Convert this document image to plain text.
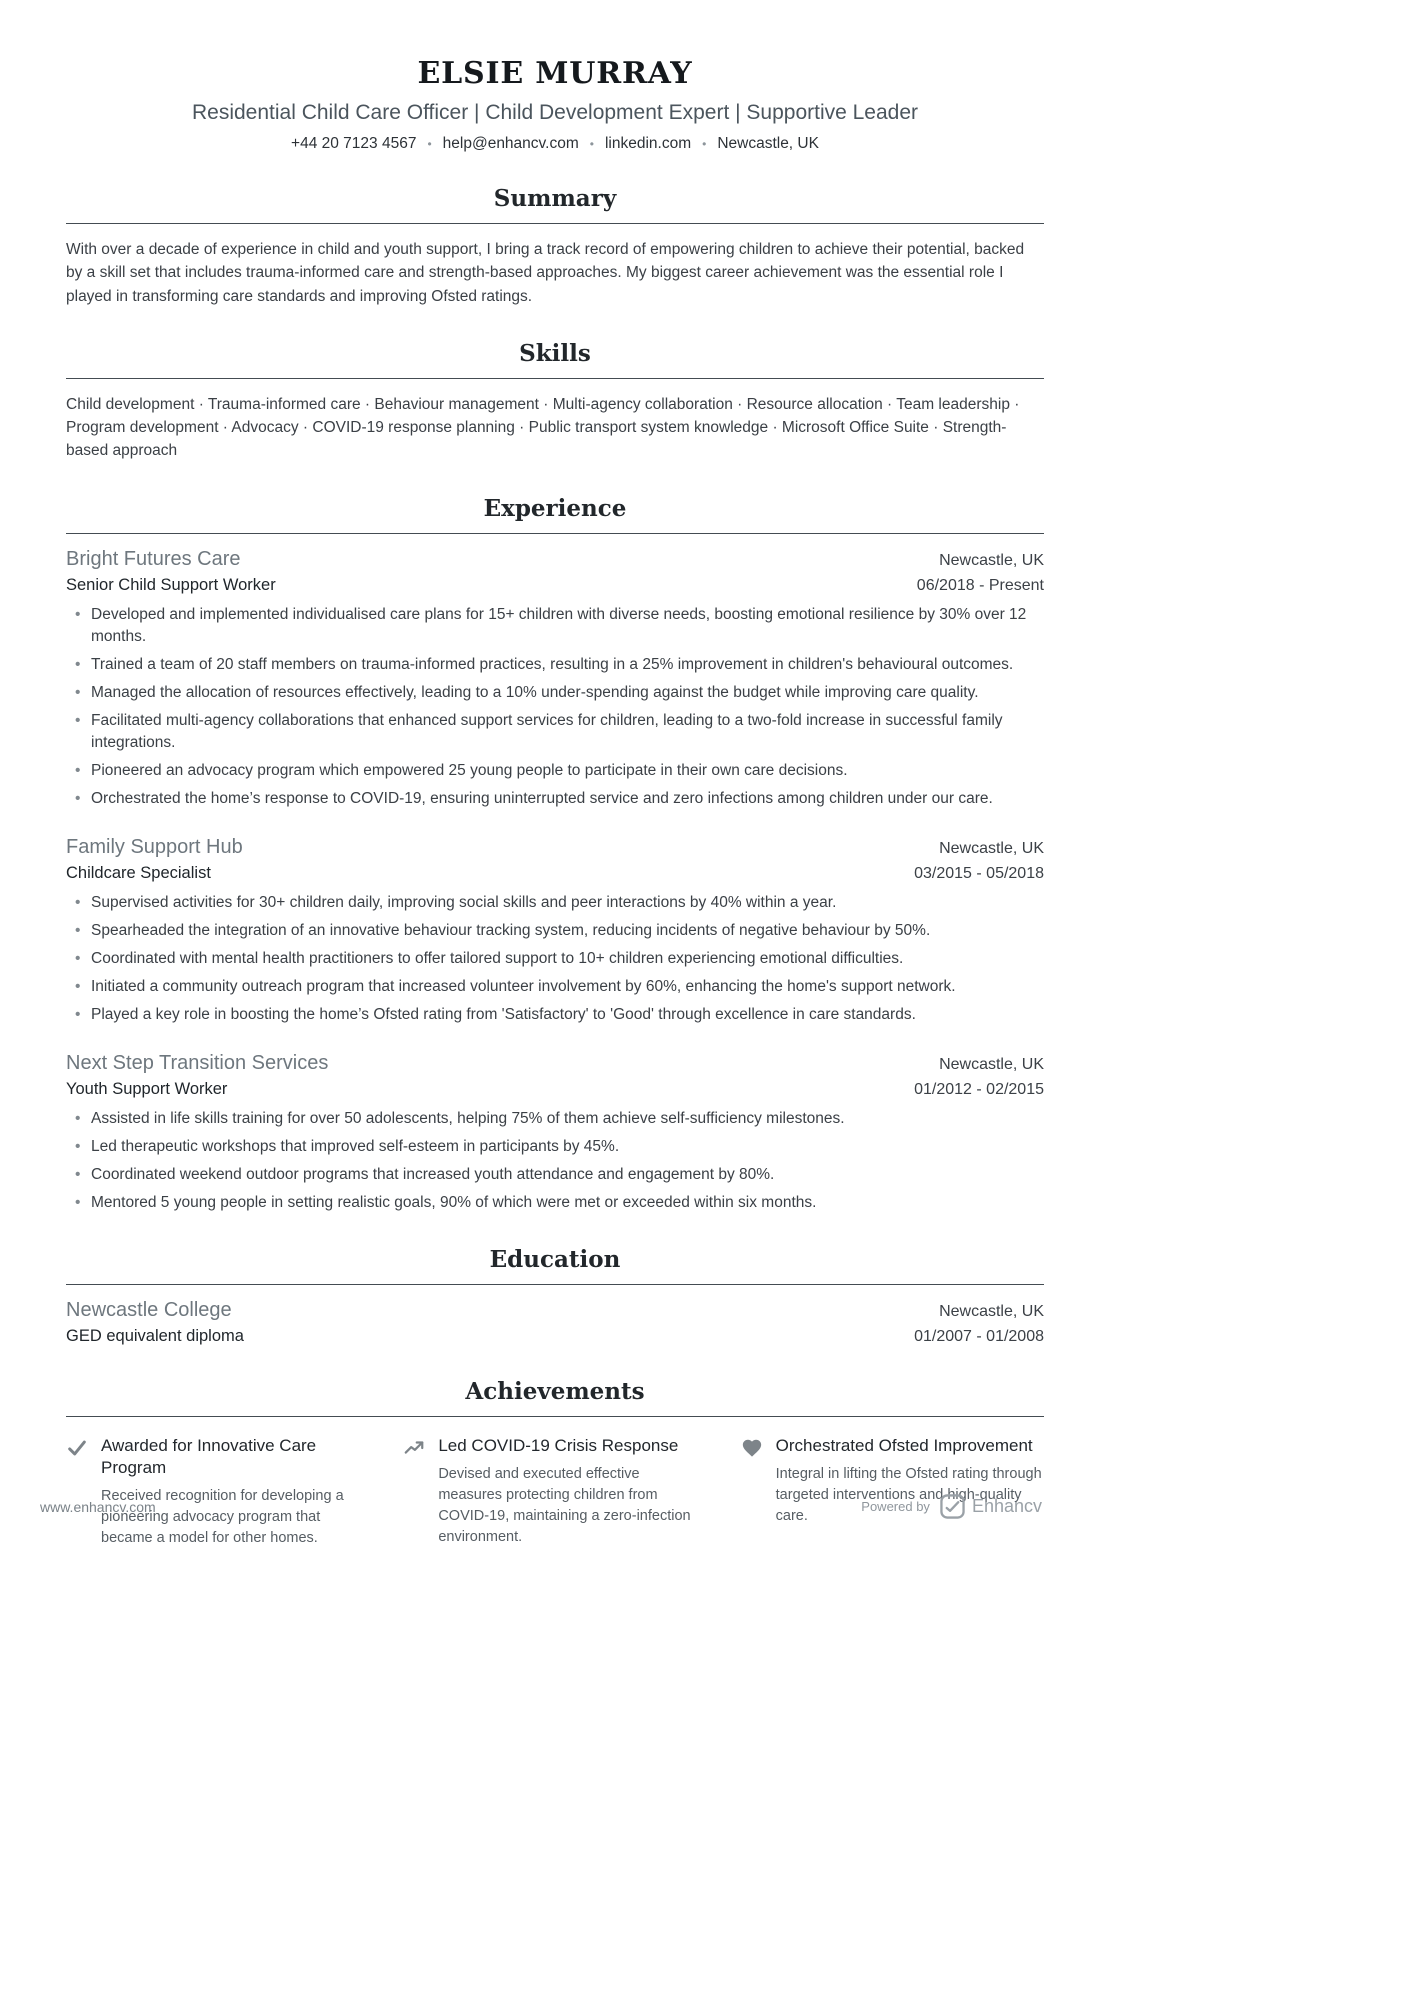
ELSIE MURRAY
Residential Child Care Officer | Child Development Expert | Supportive Leader
+44 20 7123 4567 • help@enhancv.com • linkedin.com • Newcastle, UK
Summary

With over a decade of experience in child and youth support, I bring a track record of empowering children to achieve their potential, backed by a skill set that includes trauma-informed care and strength-based approaches. My biggest career achievement was the essential role I played in transforming care standards and improving Ofsted ratings.

Skills

Child development · Trauma-informed care · Behaviour management · Multi-agency collaboration · Resource allocation · Team leadership · Program development · Advocacy · COVID-19 response planning · Public transport system knowledge · Microsoft Office Suite · Strength-based approach

Experience
Bright Futures Care	Newcastle, UK
Senior Child Support Worker	06/2018 - Present
• Developed and implemented individualised care plans for 15+ children with diverse needs, boosting emotional resilience by 30% over 12 months.
• Trained a team of 20 staff members on trauma-informed practices, resulting in a 25% improvement in children's behavioural outcomes.
• Managed the allocation of resources effectively, leading to a 10% under-spending against the budget while improving care quality.
• Facilitated multi-agency collaborations that enhanced support services for children, leading to a two-fold increase in successful family integrations.
• Pioneered an advocacy program which empowered 25 young people to participate in their own care decisions.
• Orchestrated the home’s response to COVID-19, ensuring uninterrupted service and zero infections among children under our care.
Family Support Hub	Newcastle, UK
Childcare Specialist	03/2015 - 05/2018
• Supervised activities for 30+ children daily, improving social skills and peer interactions by 40% within a year.
• Spearheaded the integration of an innovative behaviour tracking system, reducing incidents of negative behaviour by 50%.
• Coordinated with mental health practitioners to offer tailored support to 10+ children experiencing emotional difficulties.
• Initiated a community outreach program that increased volunteer involvement by 60%, enhancing the home's support network.
• Played a key role in boosting the home’s Ofsted rating from 'Satisfactory' to 'Good' through excellence in care standards.
Next Step Transition Services	Newcastle, UK
Youth Support Worker	01/2012 - 02/2015
• Assisted in life skills training for over 50 adolescents, helping 75% of them achieve self-sufficiency milestones.
• Led therapeutic workshops that improved self-esteem in participants by 45%.
• Coordinated weekend outdoor programs that increased youth attendance and engagement by 80%.
• Mentored 5 young people in setting realistic goals, 90% of which were met or exceeded within six months.
Education
Newcastle College	Newcastle, UK
GED equivalent diploma	01/2007 - 01/2008
Achievements
Awarded for Innovative Care Program
Received recognition for developing a pioneering advocacy program that became a model for other homes.
Led COVID-19 Crisis Response
Devised and executed effective measures protecting children from COVID-19, maintaining a zero-infection environment.
Orchestrated Ofsted Improvement
Integral in lifting the Ofsted rating through targeted interventions and high-quality care.
www.enhancv.com	Powered by Enhancv
